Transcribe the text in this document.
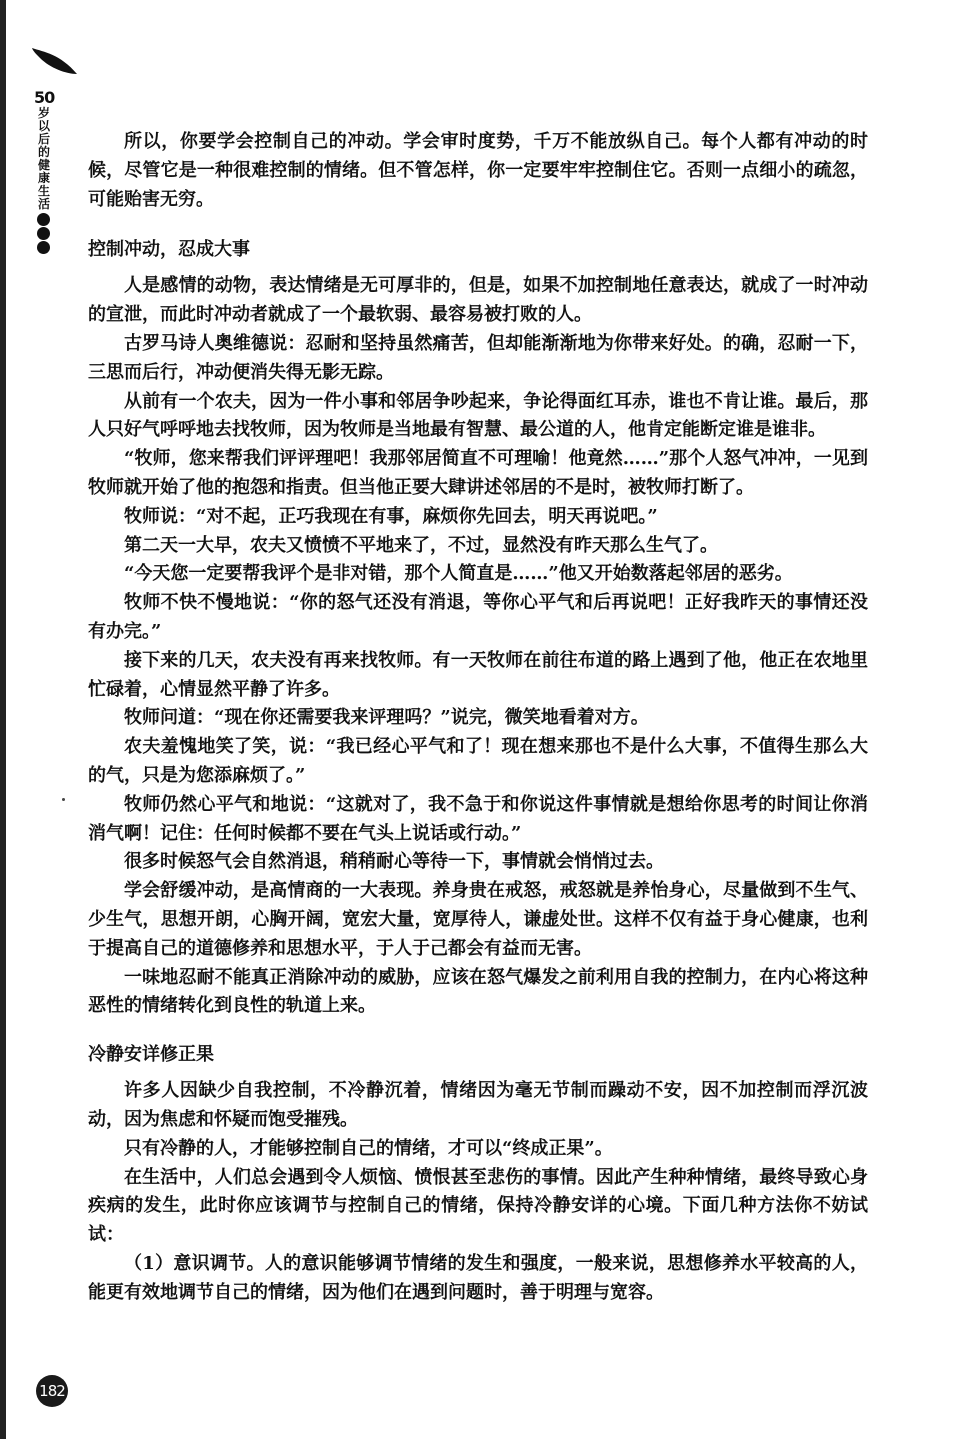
50
岁以后的健康生活

所以，你要学会控制自己的冲动。学会审时度势，千万不能放纵自己。每个人都有冲动的时候，尽管它是一种很难控制的情绪。但不管怎样，你一定要牢牢控制住它。否则一点细小的疏忽，可能贻害无穷。

控制冲动，忍成大事

人是感情的动物，表达情绪是无可厚非的，但是，如果不加控制地任意表达，就成了一时冲动的宣泄，而此时冲动者就成了一个最软弱、最容易被打败的人。

古罗马诗人奥维德说：忍耐和坚持虽然痛苦，但却能渐渐地为你带来好处。的确，忍耐一下，三思而后行，冲动便消失得无影无踪。

从前有一个农夫，因为一件小事和邻居争吵起来，争论得面红耳赤，谁也不肯让谁。最后，那人只好气呼呼地去找牧师，因为牧师是当地最有智慧、最公道的人，他肯定能断定谁是谁非。

“牧师，您来帮我们评评理吧！我那邻居简直不可理喻！他竟然……”那个人怒气冲冲，一见到牧师就开始了他的抱怨和指责。但当他正要大肆讲述邻居的不是时，被牧师打断了。

牧师说：“对不起，正巧我现在有事，麻烦你先回去，明天再说吧。”

第二天一大早，农夫又愤愤不平地来了，不过，显然没有昨天那么生气了。

“今天您一定要帮我评个是非对错，那个人简直是……”他又开始数落起邻居的恶劣。

牧师不快不慢地说：“你的怒气还没有消退，等你心平气和后再说吧！正好我昨天的事情还没有办完。”

接下来的几天，农夫没有再来找牧师。有一天牧师在前往布道的路上遇到了他，他正在农地里忙碌着，心情显然平静了许多。

牧师问道：“现在你还需要我来评理吗？”说完，微笑地看着对方。

农夫羞愧地笑了笑，说：“我已经心平气和了！现在想来那也不是什么大事，不值得生那么大的气，只是为您添麻烦了。”

牧师仍然心平气和地说：“这就对了，我不急于和你说这件事情就是想给你思考的时间让你消消气啊！记住：任何时候都不要在气头上说话或行动。”

很多时候怒气会自然消退，稍稍耐心等待一下，事情就会悄悄过去。

学会舒缓冲动，是高情商的一大表现。养身贵在戒怒，戒怒就是养怡身心，尽量做到不生气、少生气，思想开朗，心胸开阔，宽宏大量，宽厚待人，谦虚处世。这样不仅有益于身心健康，也利于提高自己的道德修养和思想水平，于人于己都会有益而无害。

一味地忍耐不能真正消除冲动的威胁，应该在怒气爆发之前利用自我的控制力，在内心将这种恶性的情绪转化到良性的轨道上来。

冷静安详修正果

许多人因缺少自我控制，不冷静沉着，情绪因为毫无节制而躁动不安，因不加控制而浮沉波动，因为焦虑和怀疑而饱受摧残。

只有冷静的人，才能够控制自己的情绪，才可以“终成正果”。

在生活中，人们总会遇到令人烦恼、愤恨甚至悲伤的事情。因此产生种种情绪，最终导致心身疾病的发生，此时你应该调节与控制自己的情绪，保持冷静安详的心境。下面几种方法你不妨试试：

（1）意识调节。人的意识能够调节情绪的发生和强度，一般来说，思想修养水平较高的人，能更有效地调节自己的情绪，因为他们在遇到问题时，善于明理与宽容。

182
